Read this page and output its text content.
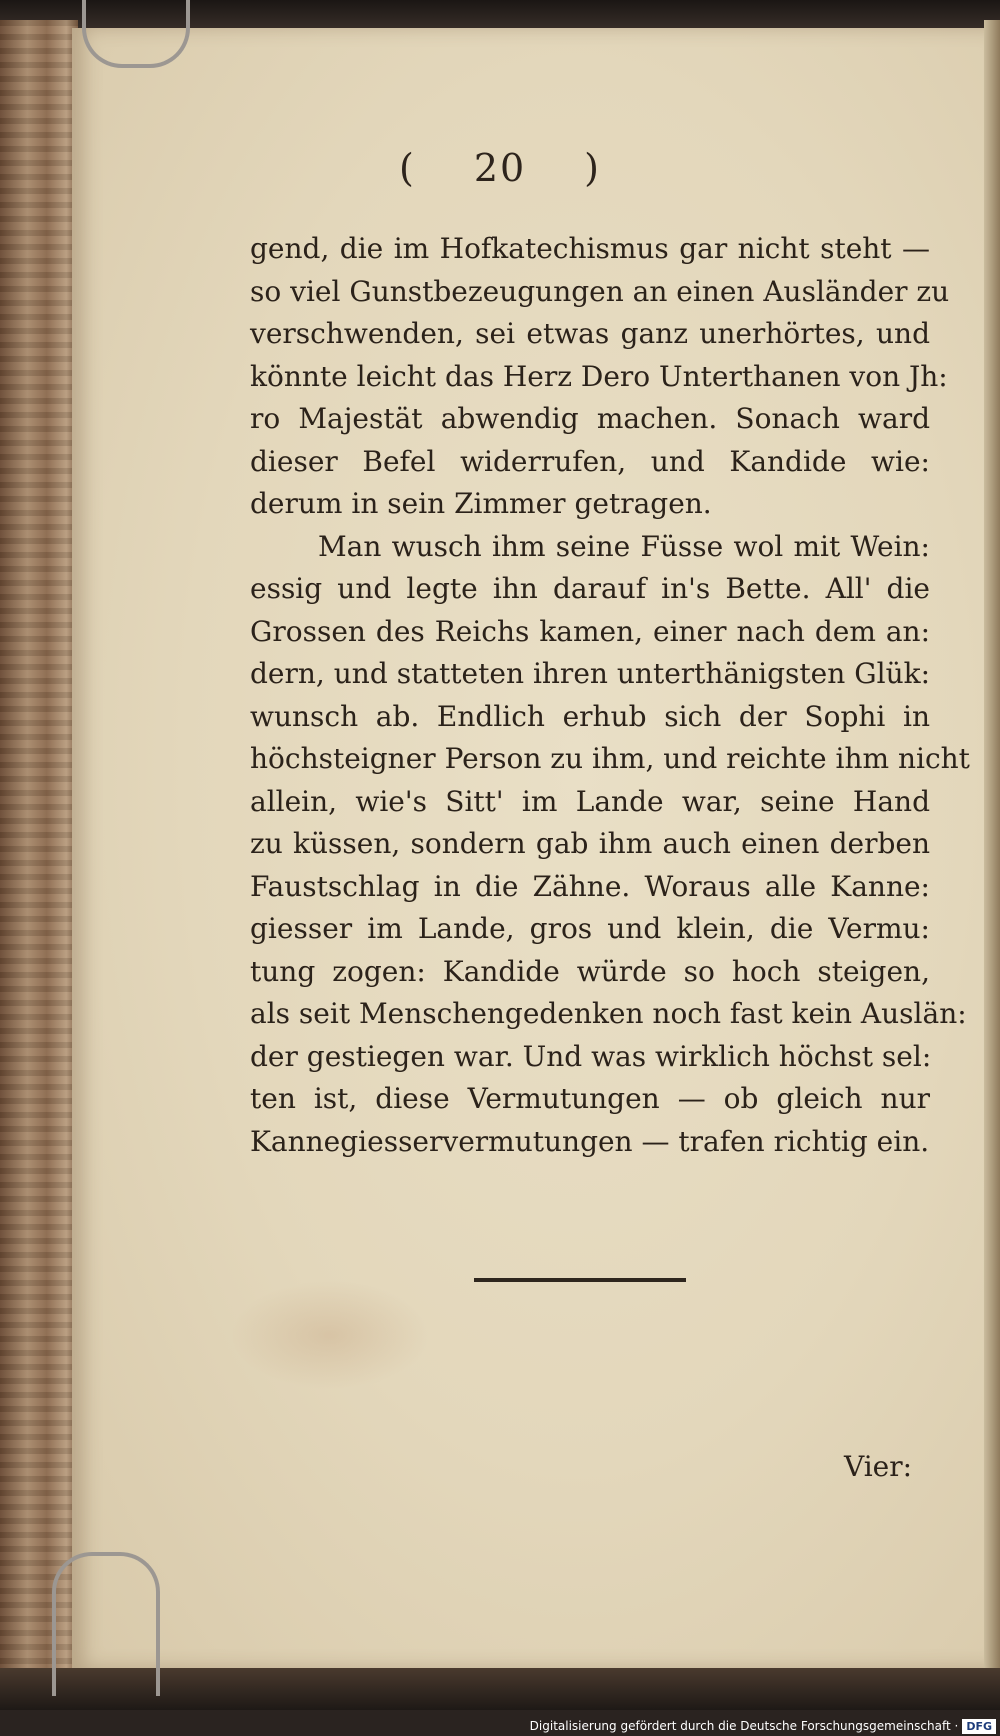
( 20 )
gend, die im Hofkatechismus gar nicht steht —
so viel Gunstbezeugungen an einen Ausländer zu
verschwenden, sei etwas ganz unerhörtes, und
könnte leicht das Herz Dero Unterthanen von Jh:
ro Majestät abwendig machen. Sonach ward
dieser Befel widerrufen, und Kandide wie:
derum in sein Zimmer getragen.
Man wusch ihm seine Füsse wol mit Wein:
essig und legte ihn darauf in's Bette. All' die
Grossen des Reichs kamen, einer nach dem an:
dern, und statteten ihren unterthänigsten Glük:
wunsch ab. Endlich erhub sich der Sophi in
höchsteigner Person zu ihm, und reichte ihm nicht
allein, wie's Sitt' im Lande war, seine Hand
zu küssen, sondern gab ihm auch einen derben
Faustschlag in die Zähne. Woraus alle Kanne:
giesser im Lande, gros und klein, die Vermu:
tung zogen: Kandide würde so hoch steigen,
als seit Menschengedenken noch fast kein Auslän:
der gestiegen war. Und was wirklich höchst sel:
ten ist, diese Vermutungen — ob gleich nur
Kannegiesservermutungen — trafen richtig ein.
Vier:
Digitalisierung gefördert durch die Deutsche Forschungsgemeinschaft · DFG
